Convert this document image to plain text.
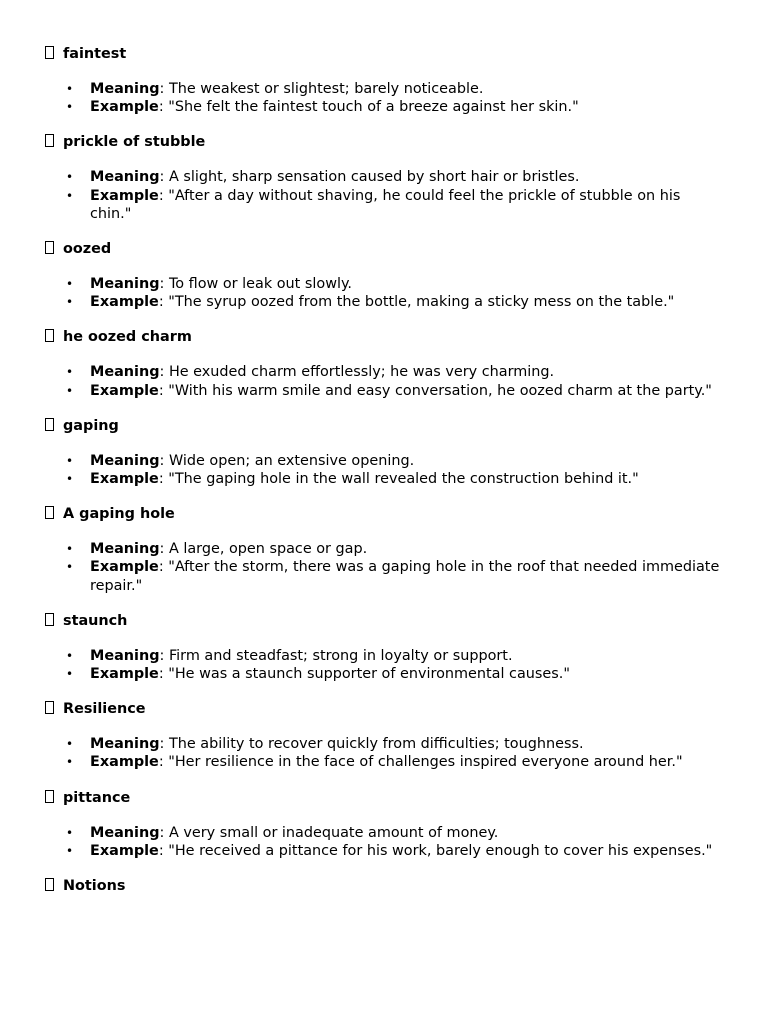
faintest
• Meaning: The weakest or slightest; barely noticeable.
• Example: "She felt the faintest touch of a breeze against her skin."
prickle of stubble
• Meaning: A slight, sharp sensation caused by short hair or bristles.
• Example: "After a day without shaving, he could feel the prickle of stubble on his chin."
oozed
• Meaning: To flow or leak out slowly.
• Example: "The syrup oozed from the bottle, making a sticky mess on the table."
he oozed charm
• Meaning: He exuded charm effortlessly; he was very charming.
• Example: "With his warm smile and easy conversation, he oozed charm at the party."
gaping
• Meaning: Wide open; an extensive opening.
• Example: "The gaping hole in the wall revealed the construction behind it."
A gaping hole
• Meaning: A large, open space or gap.
• Example: "After the storm, there was a gaping hole in the roof that needed immediate repair."
staunch
• Meaning: Firm and steadfast; strong in loyalty or support.
• Example: "He was a staunch supporter of environmental causes."
Resilience
• Meaning: The ability to recover quickly from difficulties; toughness.
• Example: "Her resilience in the face of challenges inspired everyone around her."
pittance
• Meaning: A very small or inadequate amount of money.
• Example: "He received a pittance for his work, barely enough to cover his expenses."
Notions
